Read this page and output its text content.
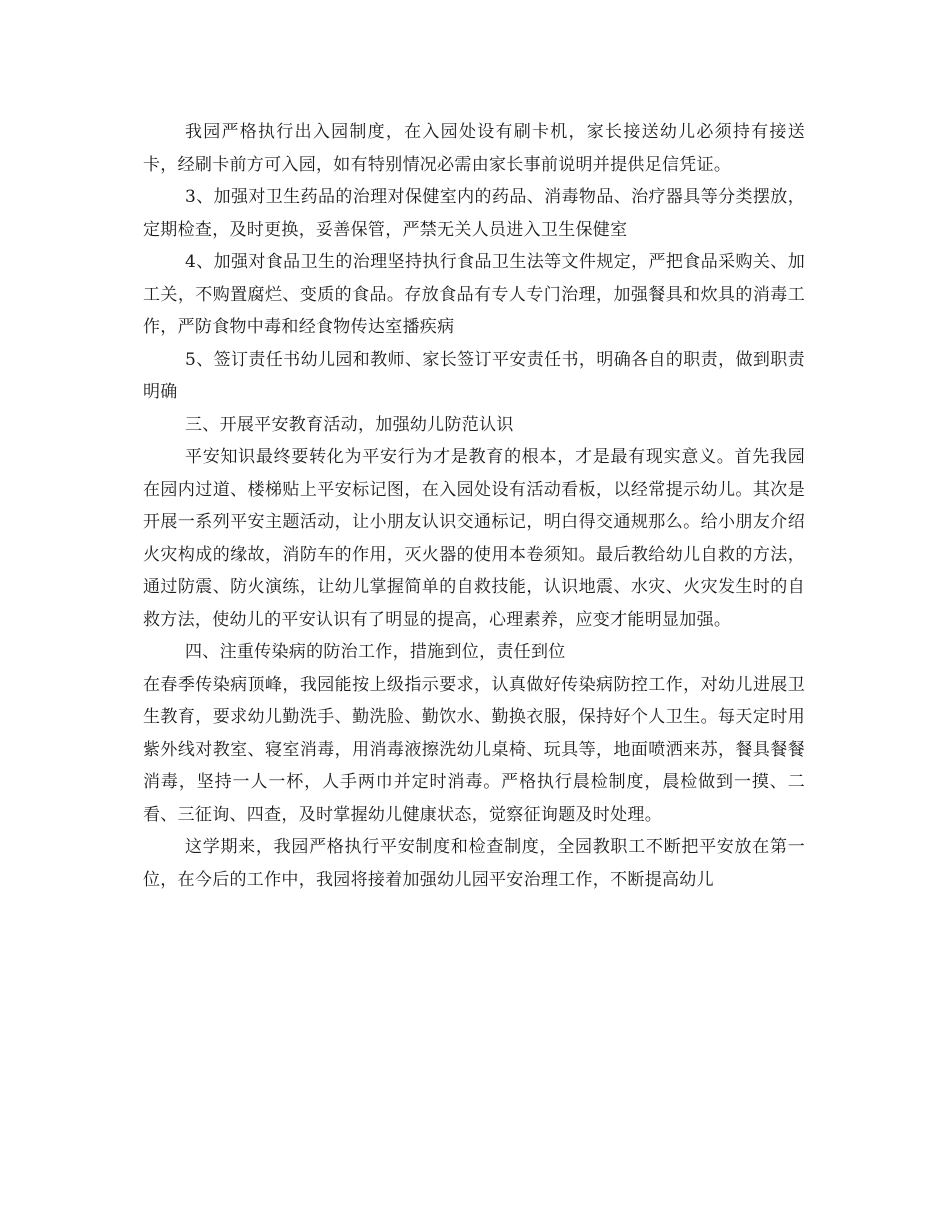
我园严格执行出入园制度，在入园处设有刷卡机，家长接送幼儿必须持有接送卡，经刷卡前方可入园，如有特别情况必需由家长事前说明并提供足信凭证。

3、加强对卫生药品的治理对保健室内的药品、消毒物品、治疗器具等分类摆放，定期检查，及时更换，妥善保管，严禁无关人员进入卫生保健室

4、加强对食品卫生的治理坚持执行食品卫生法等文件规定，严把食品采购关、加工关，不购置腐烂、变质的食品。存放食品有专人专门治理，加强餐具和炊具的消毒工作，严防食物中毒和经食物传达室播疾病

5、签订责任书幼儿园和教师、家长签订平安责任书，明确各自的职责，做到职责明确

三、开展平安教育活动，加强幼儿防范认识

平安知识最终要转化为平安行为才是教育的根本，才是最有现实意义。首先我园在园内过道、楼梯贴上平安标记图，在入园处设有活动看板，以经常提示幼儿。其次是开展一系列平安主题活动，让小朋友认识交通标记，明白得交通规那么。给小朋友介绍火灾构成的缘故，消防车的作用，灭火器的使用本卷须知。最后教给幼儿自救的方法，通过防震、防火演练，让幼儿掌握简单的自救技能，认识地震、水灾、火灾发生时的自救方法，使幼儿的平安认识有了明显的提高，心理素养，应变才能明显加强。

四、注重传染病的防治工作，措施到位，责任到位

在春季传染病顶峰，我园能按上级指示要求，认真做好传染病防控工作，对幼儿进展卫生教育，要求幼儿勤洗手、勤洗脸、勤饮水、勤换衣服，保持好个人卫生。每天定时用紫外线对教室、寝室消毒，用消毒液擦洗幼儿桌椅、玩具等，地面喷洒来苏，餐具餐餐消毒，坚持一人一杯，人手两巾并定时消毒。严格执行晨检制度，晨检做到一摸、二看、三征询、四查，及时掌握幼儿健康状态，觉察征询题及时处理。

这学期来，我园严格执行平安制度和检查制度，全园教职工不断把平安放在第一位，在今后的工作中，我园将接着加强幼儿园平安治理工作，不断提高幼儿
